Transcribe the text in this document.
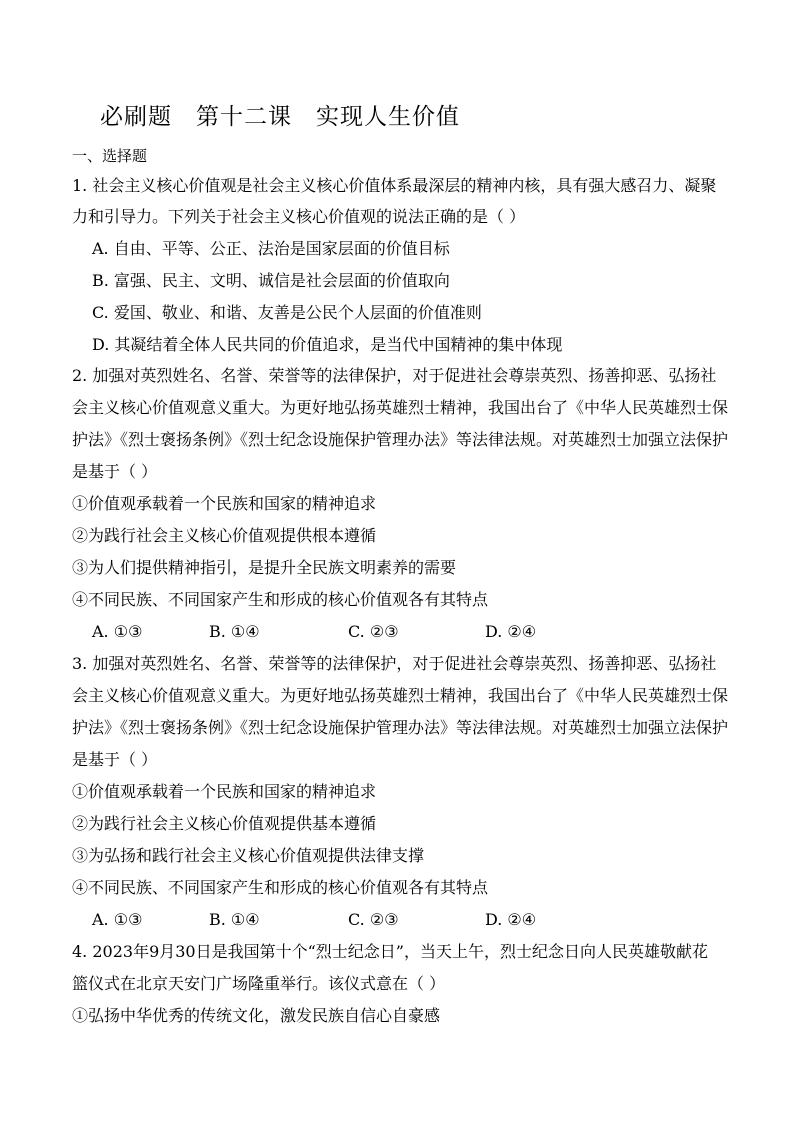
必刷题　第十二课　实现人生价值
一、选择题
1. 社会主义核心价值观是社会主义核心价值体系最深层的精神内核，具有强大感召力、凝聚
力和引导力。下列关于社会主义核心价值观的说法正确的是（ ）
A. 自由、平等、公正、法治是国家层面的价值目标
B. 富强、民主、文明、诚信是社会层面的价值取向
C. 爱国、敬业、和谐、友善是公民个人层面的价值准则
D. 其凝结着全体人民共同的价值追求，是当代中国精神的集中体现
2. 加强对英烈姓名、名誉、荣誉等的法律保护，对于促进社会尊崇英烈、扬善抑恶、弘扬社
会主义核心价值观意义重大。为更好地弘扬英雄烈士精神，我国出台了《中华人民英雄烈士保
护法》《烈士褒扬条例》《烈士纪念设施保护管理办法》等法律法规。对英雄烈士加强立法保护
是基于（ ）
①价值观承载着一个民族和国家的精神追求
②为践行社会主义核心价值观提供根本遵循
③为人们提供精神指引，是提升全民族文明素养的需要
④不同民族、不同国家产生和形成的核心价值观各有其特点
A. ①③	B. ①④	C. ②③	D. ②④
3. 加强对英烈姓名、名誉、荣誉等的法律保护，对于促进社会尊崇英烈、扬善抑恶、弘扬社
会主义核心价值观意义重大。为更好地弘扬英雄烈士精神，我国出台了《中华人民英雄烈士保
护法》《烈士褒扬条例》《烈士纪念设施保护管理办法》等法律法规。对英雄烈士加强立法保护
是基于（ ）
①价值观承载着一个民族和国家的精神追求
②为践行社会主义核心价值观提供基本遵循
③为弘扬和践行社会主义核心价值观提供法律支撑
④不同民族、不同国家产生和形成的核心价值观各有其特点
A. ①③	B. ①④	C. ②③	D. ②④
4. 2023年9月30日是我国第十个“烈士纪念日”，当天上午，烈士纪念日向人民英雄敬献花
篮仪式在北京天安门广场隆重举行。该仪式意在（ ）
①弘扬中华优秀的传统文化，激发民族自信心自豪感
